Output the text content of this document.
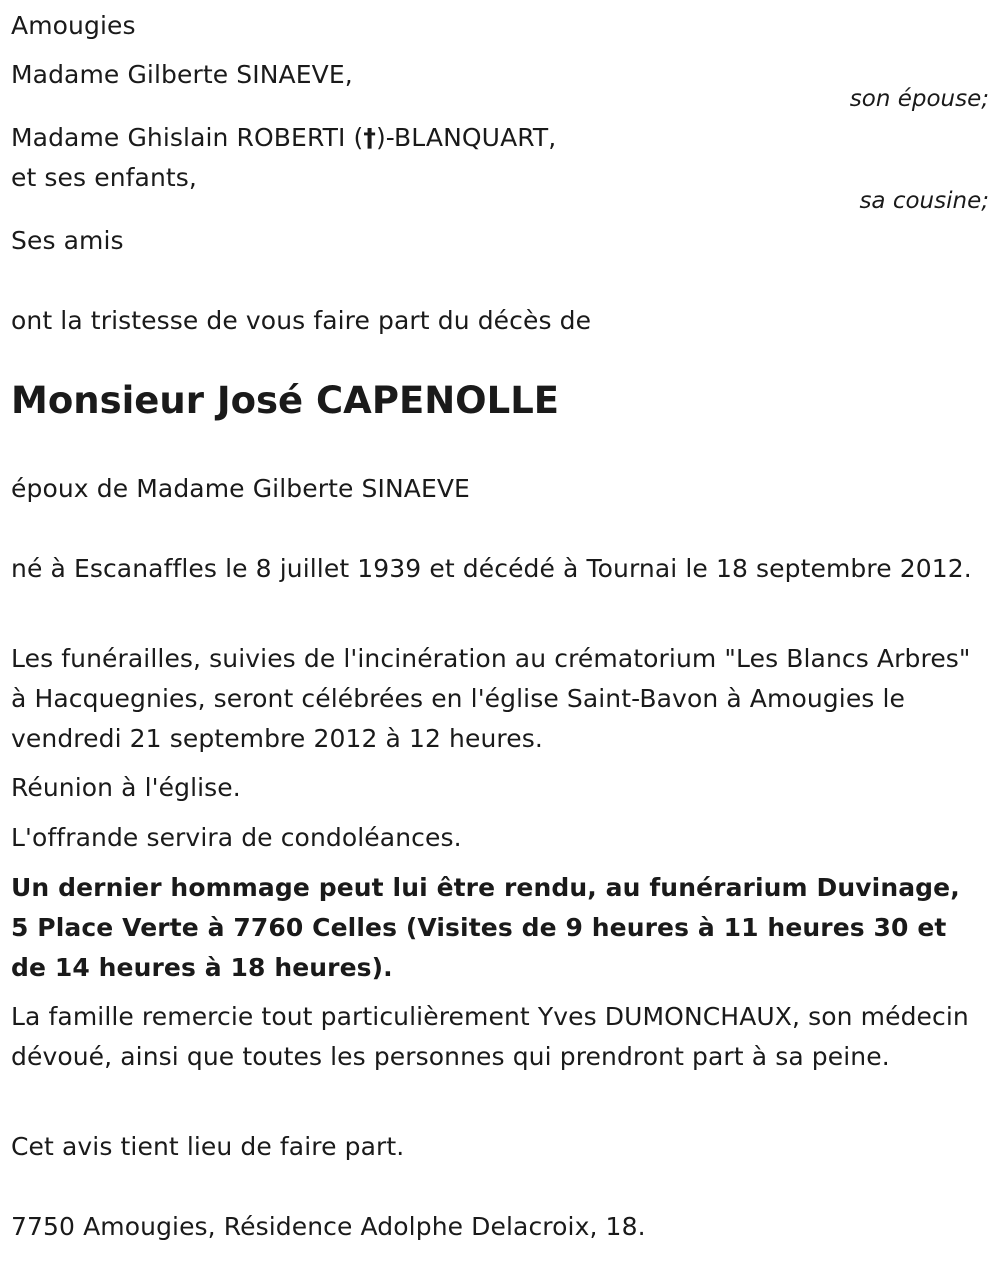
Amougies
Madame Gilberte SINAEVE,
son épouse;
Madame Ghislain ROBERTI (†)-BLANQUART,
et ses enfants,
sa cousine;
Ses amis
ont la tristesse de vous faire part du décès de
Monsieur José CAPENOLLE
époux de Madame Gilberte SINAEVE
né à Escanaffles le 8 juillet 1939 et décédé à Tournai le 18 septembre 2012.
Les funérailles, suivies de l'incinération au crématorium "Les Blancs Arbres" à Hacquegnies, seront célébrées en l'église Saint-Bavon à Amougies le vendredi 21 septembre 2012 à 12 heures.
Réunion à l'église.
L'offrande servira de condoléances.
Un dernier hommage peut lui être rendu, au funérarium Duvinage, 5 Place Verte à 7760 Celles (Visites de 9 heures à 11 heures 30 et de 14 heures à 18 heures).
La famille remercie tout particulièrement Yves DUMONCHAUX, son médecin dévoué, ainsi que toutes les personnes qui prendront part à sa peine.
Cet avis tient lieu de faire part.
7750 Amougies, Résidence Adolphe Delacroix, 18.
